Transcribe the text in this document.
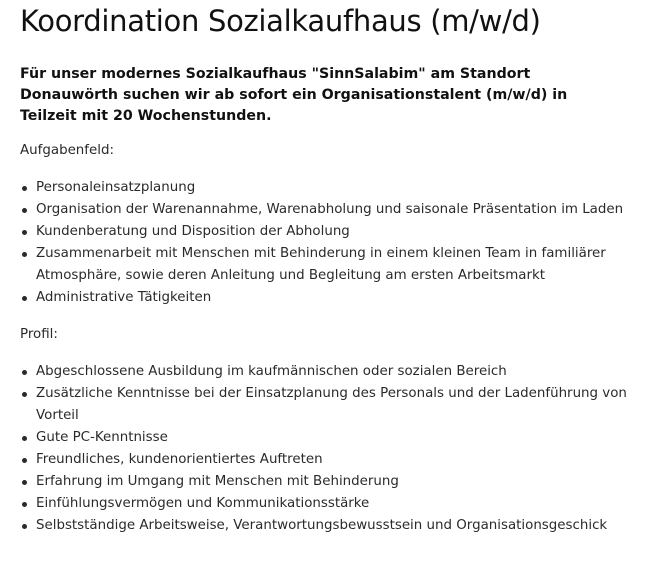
Koordination Sozialkaufhaus (m/w/d)

Für unser modernes Sozialkaufhaus "SinnSalabim" am Standort Donauwörth suchen wir ab sofort ein Organisationstalent (m/w/d) in Teilzeit mit 20 Wochenstunden.

Aufgabenfeld:

Personaleinsatzplanung
Organisation der Warenannahme, Warenabholung und saisonale Präsentation im Laden
Kundenberatung und Disposition der Abholung
Zusammenarbeit mit Menschen mit Behinderung in einem kleinen Team in familiärer Atmosphäre, sowie deren Anleitung und Begleitung am ersten Arbeitsmarkt
Administrative Tätigkeiten

Profil:

Abgeschlossene Ausbildung im kaufmännischen oder sozialen Bereich
Zusätzliche Kenntnisse bei der Einsatzplanung des Personals und der Ladenführung von Vorteil
Gute PC-Kenntnisse
Freundliches, kundenorientiertes Auftreten
Erfahrung im Umgang mit Menschen mit Behinderung
Einfühlungsvermögen und Kommunikationsstärke
Selbstständige Arbeitsweise, Verantwortungsbewusstsein und Organisationsgeschick
